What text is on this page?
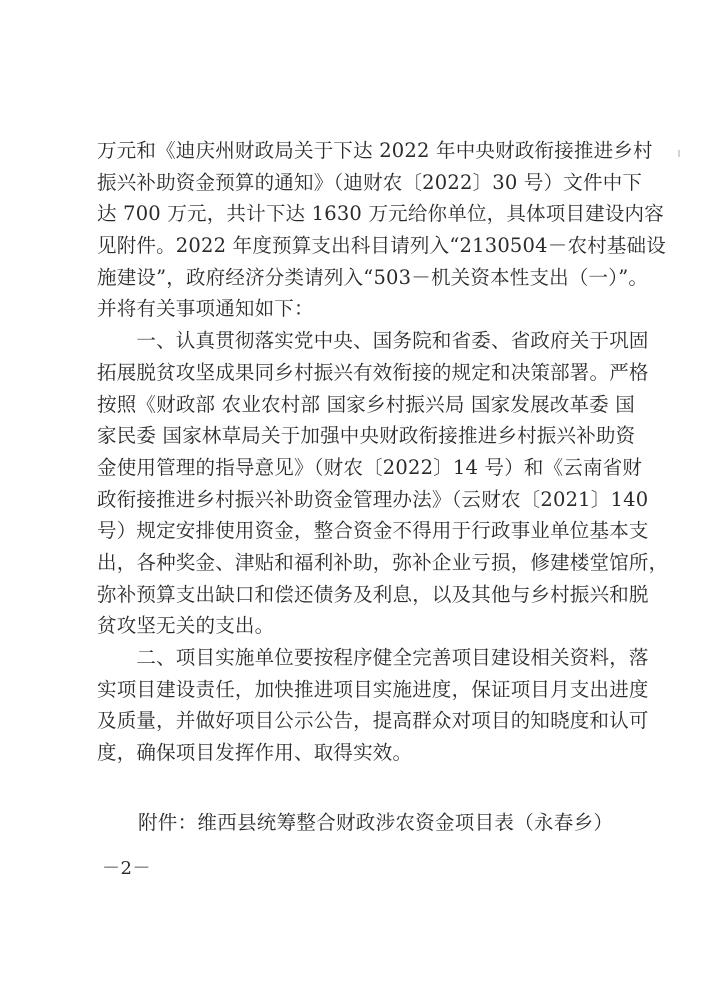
万元和《迪庆州财政局关于下达 2022 年中央财政衔接推进乡村
振兴补助资金预算的通知》（迪财农〔2022〕30 号）文件中下
达 700 万元，共计下达 1630 万元给你单位，具体项目建设内容
见附件。2022 年度预算支出科目请列入“2130504－农村基础设
施建设”，政府经济分类请列入“503－机关资本性支出（一）”。
并将有关事项通知如下：
　　一、认真贯彻落实党中央、国务院和省委、省政府关于巩固
拓展脱贫攻坚成果同乡村振兴有效衔接的规定和决策部署。严格
按照《财政部 农业农村部 国家乡村振兴局 国家发展改革委 国
家民委 国家林草局关于加强中央财政衔接推进乡村振兴补助资
金使用管理的指导意见》（财农〔2022〕14 号）和《云南省财
政衔接推进乡村振兴补助资金管理办法》（云财农〔2021〕140
号）规定安排使用资金，整合资金不得用于行政事业单位基本支
出，各种奖金、津贴和福利补助，弥补企业亏损，修建楼堂馆所，
弥补预算支出缺口和偿还债务及利息，以及其他与乡村振兴和脱
贫攻坚无关的支出。
　　二、项目实施单位要按程序健全完善项目建设相关资料，落
实项目建设责任，加快推进项目实施进度，保证项目月支出进度
及质量，并做好项目公示公告，提高群众对项目的知晓度和认可
度，确保项目发挥作用、取得实效。
附件：维西县统筹整合财政涉农资金项目表（永春乡）
－2－
